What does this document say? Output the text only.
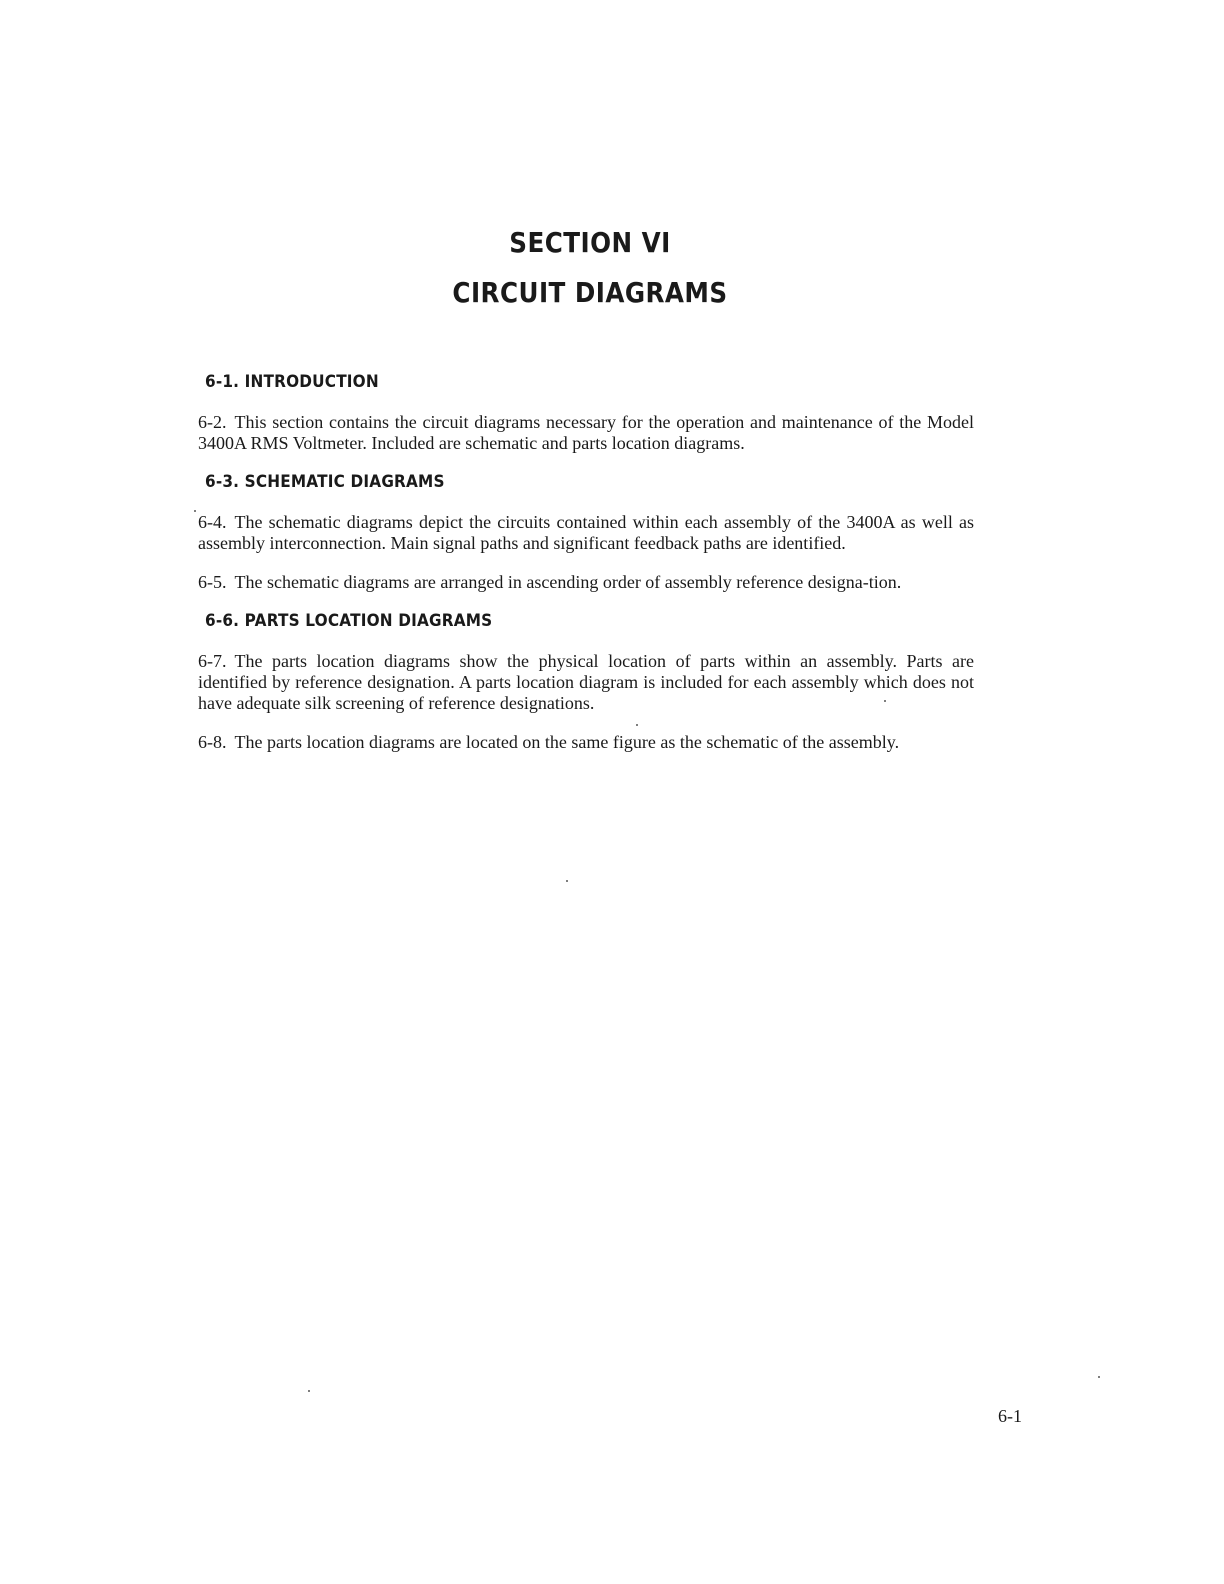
SECTION VI
CIRCUIT DIAGRAMS
6-1. INTRODUCTION

6-2. This section contains the circuit diagrams necessary for the operation and maintenance of the Model 3400A RMS Voltmeter. Included are schematic and parts location diagrams.

6-3. SCHEMATIC DIAGRAMS

6-4. The schematic diagrams depict the circuits contained within each assembly of the 3400A as well as assembly interconnection. Main signal paths and significant feedback paths are identified.

6-5. The schematic diagrams are arranged in ascending order of assembly reference designa-tion.

6-6. PARTS LOCATION DIAGRAMS

6-7. The parts location diagrams show the physical location of parts within an assembly. Parts are identified by reference designation. A parts location diagram is included for each assembly which does not have adequate silk screening of reference designations.

6-8. The parts location diagrams are located on the same figure as the schematic of the assembly.

6-1
